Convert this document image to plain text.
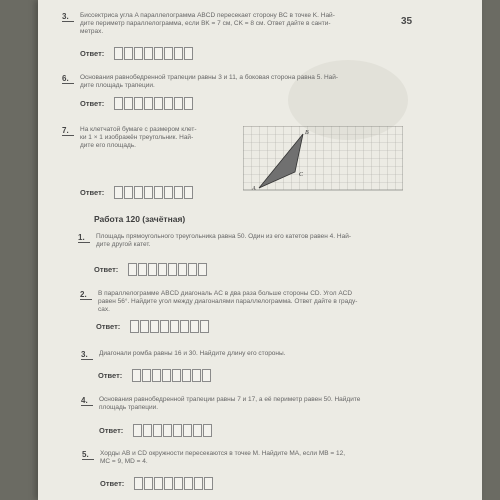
35
3.	Биссектриса угла A параллелограмма ABCD пересекает сторону BC в точке K. Най-
дите периметр параллелограмма, если BK = 7 см, CK = 8 см. Ответ дайте в санти-
метрах.
Ответ:
6.	Основания равнобедренной трапеции равны 3 и 11, а боковая сторона равна 5. Най-
дите площадь трапеции.
Ответ:
7.	На клетчатой бумаге с размером клет-
ки 1 × 1 изображён треугольник. Най-
дите его площадь.
A
B
C
Ответ:
Работа 120 (зачётная)
1.	Площадь прямоугольного треугольника равна 50. Один из его катетов равен 4. Най-
дите другой катет.
Ответ:
2.	В параллелограмме ABCD диагональ AC в два раза больше стороны CD. Угол ACD
равен 56°. Найдите угол между диагоналями параллелограмма. Ответ дайте в граду-
сах.
Ответ:
3.	Диагонали ромба равны 16 и 30. Найдите длину его стороны.
Ответ:
4.	Основания равнобедренной трапеции равны 7 и 17, а её периметр равен 50. Найдите
площадь трапеции.
Ответ:
5.	Хорды AB и CD окружности пересекаются в точке M. Найдите MA, если MB = 12,
MC = 9, MD = 4.
Ответ:
